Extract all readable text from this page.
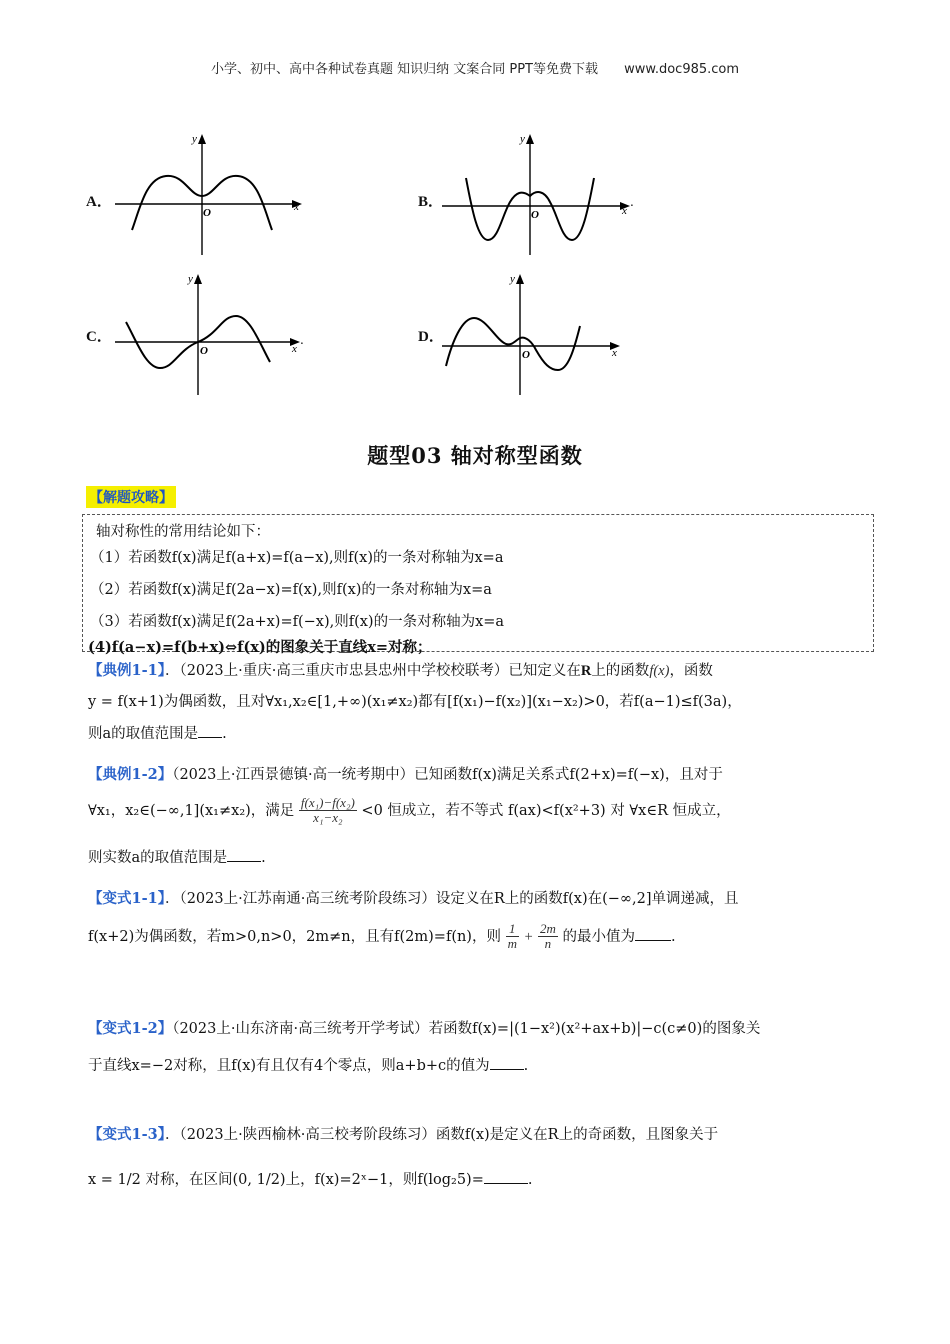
小学、初中、高中各种试卷真题 知识归纳 文案合同 PPT等免费下载 www.doc985.com
A．	x
y
O
B．
x
y
O
.
C．
x
y
O
.	D．
x
y
O
题型03 轴对称型函数
【解题攻略】
轴对称性的常用结论如下：
（1）若函数f(x)满足f(a+x)=f(a−x),则f(x)的一条对称轴为x=a
（2）若函数f(x)满足f(2a−x)=f(x),则f(x)的一条对称轴为x=a
（3）若函数f(x)满足f(2a+x)=f(−x),则f(x)的一条对称轴为x=a
(4)f(a−x)=f(b+x)⇔f(x)的图象关于直线x=对称；
【典例1-1】．（2023上·重庆·高三重庆市忠县忠州中学校校联考）已知定义在R上的函数f(x)，函数
y = f(x+1)为偶函数，且对∀x₁,x₂∈[1,+∞)(x₁≠x₂)都有[f(x₁)−f(x₂)](x₁−x₂)>0，若f(a−1)≤f(3a)，
则a的取值范围是 .
【典例1-2】（2023上·江西景德镇·高一统考期中）已知函数f(x)满足关系式f(2+x)=f(−x)，且对于
∀x₁，x₂∈(−∞,1](x₁≠x₂)，满足 $\frac{\text{f(x₁)−f(x₂)}}{\text{x₁−x₂}} <0$ 恒成立，若不等式 f(ax)<f(x²+3) 对 ∀x∈R 恒成立，
则实数a的取值范围是 .
【变式1-1】．（2023上·江苏南通·高三统考阶段练习）设定义在R上的函数f(x)在(−∞,2]单调递减，且
f(x+2)为偶函数，若m>0,n>0，2m≠n，且有f(2m)=f(n)，则 $\frac{1}{m} + \frac{2m}{n}$ 的最小值为 .
【变式1-2】（2023上·山东济南·高三统考开学考试）若函数f(x)=|(1−x²)(x²+ax+b)|−c(c≠0)的图象关
于直线x=−2对称，且f(x)有且仅有4个零点，则a+b+c的值为 .
【变式1-3】．（2023上·陕西榆林·高三校考阶段练习）函数f(x)是定义在R上的奇函数，且图象关于
x = 1/2 对称，在区间(0, 1/2)上，f(x)=2ˣ−1，则f(log₂5)=	.
